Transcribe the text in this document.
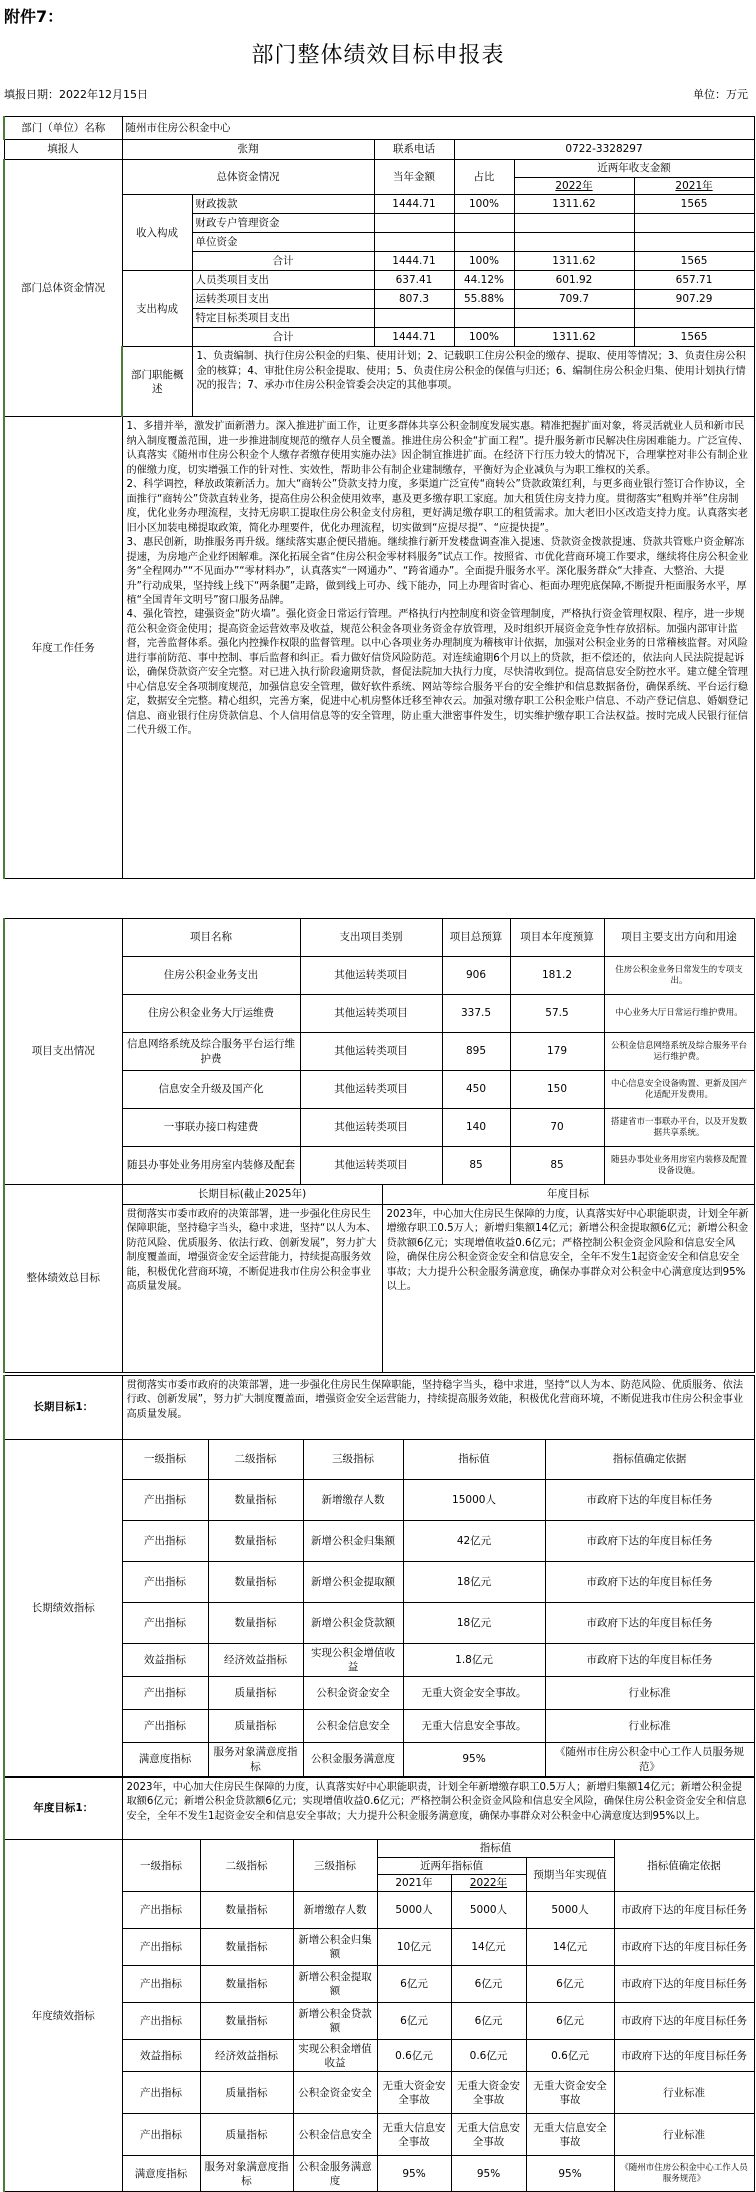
附件7：
部门整体绩效目标申报表
填报日期：2022年12月15日	单位：万元
部门（单位）名称	随州市住房公积金中心					
填报人	张翔		联系电话	0722-3328297		
部门总体资金情况	总体资金情况		当年金额	占比	近两年收支金额	
					2022年	2021年
	收入构成	财政拨款	1444.71	100%	1311.62	1565
		财政专户管理资金				
		单位资金				
		合计	1444.71	100%	1311.62	1565
	支出构成	人员类项目支出	637.41	44.12%	601.92	657.71
		运转类项目支出	807.3	55.88%	709.7	907.29
		特定目标类项目支出				
		合计	1444.71	100%	1311.62	1565
	部门职能概述	1、负责编制、执行住房公积金的归集、使用计划；2、记载职工住房公积金的缴存、提取、使用等情况；3、负责住房公积金的核算；4、审批住房公积金提取、使用；5、负责住房公积金的保值与归还；6、编制住房公积金归集、使用计划执行情况的报告；7、承办市住房公积金管委会决定的其他事项。				
年度工作任务	1、多措并举，激发扩面新潜力。深入推进扩面工作，让更多群体共享公积金制度发展实惠。精准把握扩面对象，将灵活就业人员和新市民纳入制度覆盖范围，进一步推进制度规范的缴存人员全覆盖。推进住房公积金“扩面工程”。提升服务新市民解决住房困难能力。广泛宣传、认真落实《随州市住房公积金个人缴存者缴存使用实施办法》因企制宜推进扩面。在经济下行压力较大的情况下，合理掌控对非公有制企业的催缴力度，切实增强工作的针对性、实效性，帮助非公有制企业建制缴存，平衡好为企业减负与为职工维权的关系。
2、科学调控，释放政策新活力。加大“商转公”贷款支持力度，多渠道广泛宣传“商转公”贷款政策红利，与更多商业银行签订合作协议，全面推行“商转公”贷款直转业务，提高住房公积金使用效率，惠及更多缴存职工家庭。加大租赁住房支持力度。贯彻落实“租购并举”住房制度，优化业务办理流程，支持无房职工提取住房公积金支付房租，更好满足缴存职工的租赁需求。加大老旧小区改造支持力度。认真落实老旧小区加装电梯提取政策，简化办理要件，优化办理流程，切实做到“应提尽提”、“应提快提”。
3、惠民创新，助推服务再升级。继续落实惠企便民措施。继续推行新开发楼盘调查准入提速、贷款资金拨款提速、贷款共管账户资金解冻提速，为房地产企业纾困解难。深化拓展全省“住房公积金零材料服务”试点工作。按照省、市优化营商环境工作要求，继续将住房公积金业务“全程网办”“不见面办”“零材料办”，认真落实“一网通办”、“跨省通办”。全面提升服务水平。深化服务群众“大排查、大整治、大提升”行动成果，坚持线上线下“两条腿”走路，做到线上可办、线下能办，同上办理省时省心、柜面办理兜底保障,不断提升柜面服务水平，厚植“全国青年文明号”窗口服务品牌。
4、强化管控，建强资金“防火墙”。强化资金日常运行管理。严格执行内控制度和资金管理制度，严格执行资金管理权限、程序，进一步规范公积金资金使用；提高资金运营效率及收益，规范公积金各项业务资金存放管理，及时组织开展资金竞争性存放招标。加强内部审计监督，完善监督体系。强化内控操作权限的监督管理。以中心各项业务办理制度为稽核审计依据，加强对公积金业务的日常稽核监督。对风险进行事前防范、事中控制、事后监督和纠正。看力做好信贷风险防范。对连续逾期6个月以上的贷款，拒不偿还的，依法向人民法院提起诉讼，确保贷款资产安全完整。对已进入执行阶段逾期贷款，督促法院加大执行力度，尽快清收到位。提高信息安全防控水平。建立健全管理中心信息安全各项制度规范，加强信息安全管理，做好软件系统、网站等综合服务平台的安全维护和信息数据备份，确保系统、平台运行稳定，数据安全完整。精心组织，完善方案，促进中心机房整体迁移至神农云。加强对缴存职工公积金账户信息、不动产登记信息、婚姻登记信息、商业银行住房贷款信息、个人信用信息等的安全管理，防止重大泄密事件发生，切实维护缴存职工合法权益。按时完成人民银行征信二代升级工作。					
项目支出情况	项目名称	支出项目类别	项目总预算	项目本年度预算	项目主要支出方向和用途
	住房公积金业务支出	其他运转类项目	906	181.2	住房公积金业务日常发生的专项支出。
	住房公积金业务大厅运维费	其他运转类项目	337.5	57.5	中心业务大厅日常运行维护费用。
	信息网络系统及综合服务平台运行维护费	其他运转类项目	895	179	公积金信息网络系统及综合服务平台运行维护费。
	信息安全升级及国产化	其他运转类项目	450	150	中心信息安全设备购置、更新及国产化适配开发费用。
	一事联办接口构建费	其他运转类项目	140	70	搭建省市一事联办平台，以及开发数据共享系统。
	随县办事处业务用房室内装修及配套	其他运转类项目	85	85	随县办事处业务用房室内装修及配置设备设施。
整体绩效总目标	长期目标(截止2025年)	年度目标
	贯彻落实市委市政府的决策部署，进一步强化住房民生保障职能，坚持稳字当头，稳中求进，坚持“以人为本、防范风险、优质服务、依法行政、创新发展”，努力扩大制度覆盖面，增强资金安全运营能力，持续提高服务效能，积极优化营商环境，不断促进我市住房公积金事业高质量发展。	2023年，中心加大住房民生保障的力度，认真落实好中心职能职责，计划全年新增缴存职工0.5万人；新增归集额14亿元；新增公积金提取额6亿元；新增公积金贷款额6亿元；实现增值收益0.6亿元；严格控制公积金资金风险和信息安全风险，确保住房公积金资金安全和信息安全，全年不发生1起资金安全和信息安全事故；大力提升公积金服务满意度，确保办事群众对公积金中心满意度达到95%以上。
长期目标1：	贯彻落实市委市政府的决策部署，进一步强化住房民生保障职能，坚持稳字当头，稳中求进，坚持“以人为本、防范风险、优质服务、依法行政、创新发展”，努力扩大制度覆盖面，增强资金安全运营能力，持续提高服务效能，积极优化营商环境，不断促进我市住房公积金事业高质量发展。				
长期绩效指标	一级指标	二级指标	三级指标	指标值	指标值确定依据
	产出指标	数量指标	新增缴存人数	15000人	市政府下达的年度目标任务
	产出指标	数量指标	新增公积金归集额	42亿元	市政府下达的年度目标任务
	产出指标	数量指标	新增公积金提取额	18亿元	市政府下达的年度目标任务
	产出指标	数量指标	新增公积金贷款额	18亿元	市政府下达的年度目标任务
	效益指标	经济效益指标	实现公积金增值收益	1.8亿元	市政府下达的年度目标任务
	产出指标	质量指标	公积金资金安全	无重大资金安全事故。	行业标准
	产出指标	质量指标	公积金信息安全	无重大信息安全事故。	行业标准
	满意度指标	服务对象满意度指标	公积金服务满意度	95%	《随州市住房公积金中心工作人员服务规范》
年度目标1：	2023年，中心加大住房民生保障的力度，认真落实好中心职能职责，计划全年新增缴存职工0.5万人；新增归集额14亿元；新增公积金提取额6亿元；新增公积金贷款额6亿元；实现增值收益0.6亿元；严格控制公积金资金风险和信息安全风险，确保住房公积金资金安全和信息安全，全年不发生1起资金安全和信息安全事故；大力提升公积金服务满意度，确保办事群众对公积金中心满意度达到95%以上。						
年度绩效指标	一级指标	二级指标	三级指标	指标值			指标值确定依据
				近两年指标值		预期当年实现值	
				2021年	2022年		
	产出指标	数量指标	新增缴存人数	5000人	5000人	5000人	市政府下达的年度目标任务
	产出指标	数量指标	新增公积金归集额	10亿元	14亿元	14亿元	市政府下达的年度目标任务
	产出指标	数量指标	新增公积金提取额	6亿元	6亿元	6亿元	市政府下达的年度目标任务
	产出指标	数量指标	新增公积金贷款额	6亿元	6亿元	6亿元	市政府下达的年度目标任务
	效益指标	经济效益指标	实现公积金增值收益	0.6亿元	0.6亿元	0.6亿元	市政府下达的年度目标任务
	产出指标	质量指标	公积金资金安全	无重大资金安全事故	无重大资金安全事故	无重大资金安全事故	行业标准
	产出指标	质量指标	公积金信息安全	无重大信息安全事故	无重大信息安全事故	无重大信息安全事故	行业标准
	满意度指标	服务对象满意度指标	公积金服务满意度	95%	95%	95%	《随州市住房公积金中心工作人员服务规范》
